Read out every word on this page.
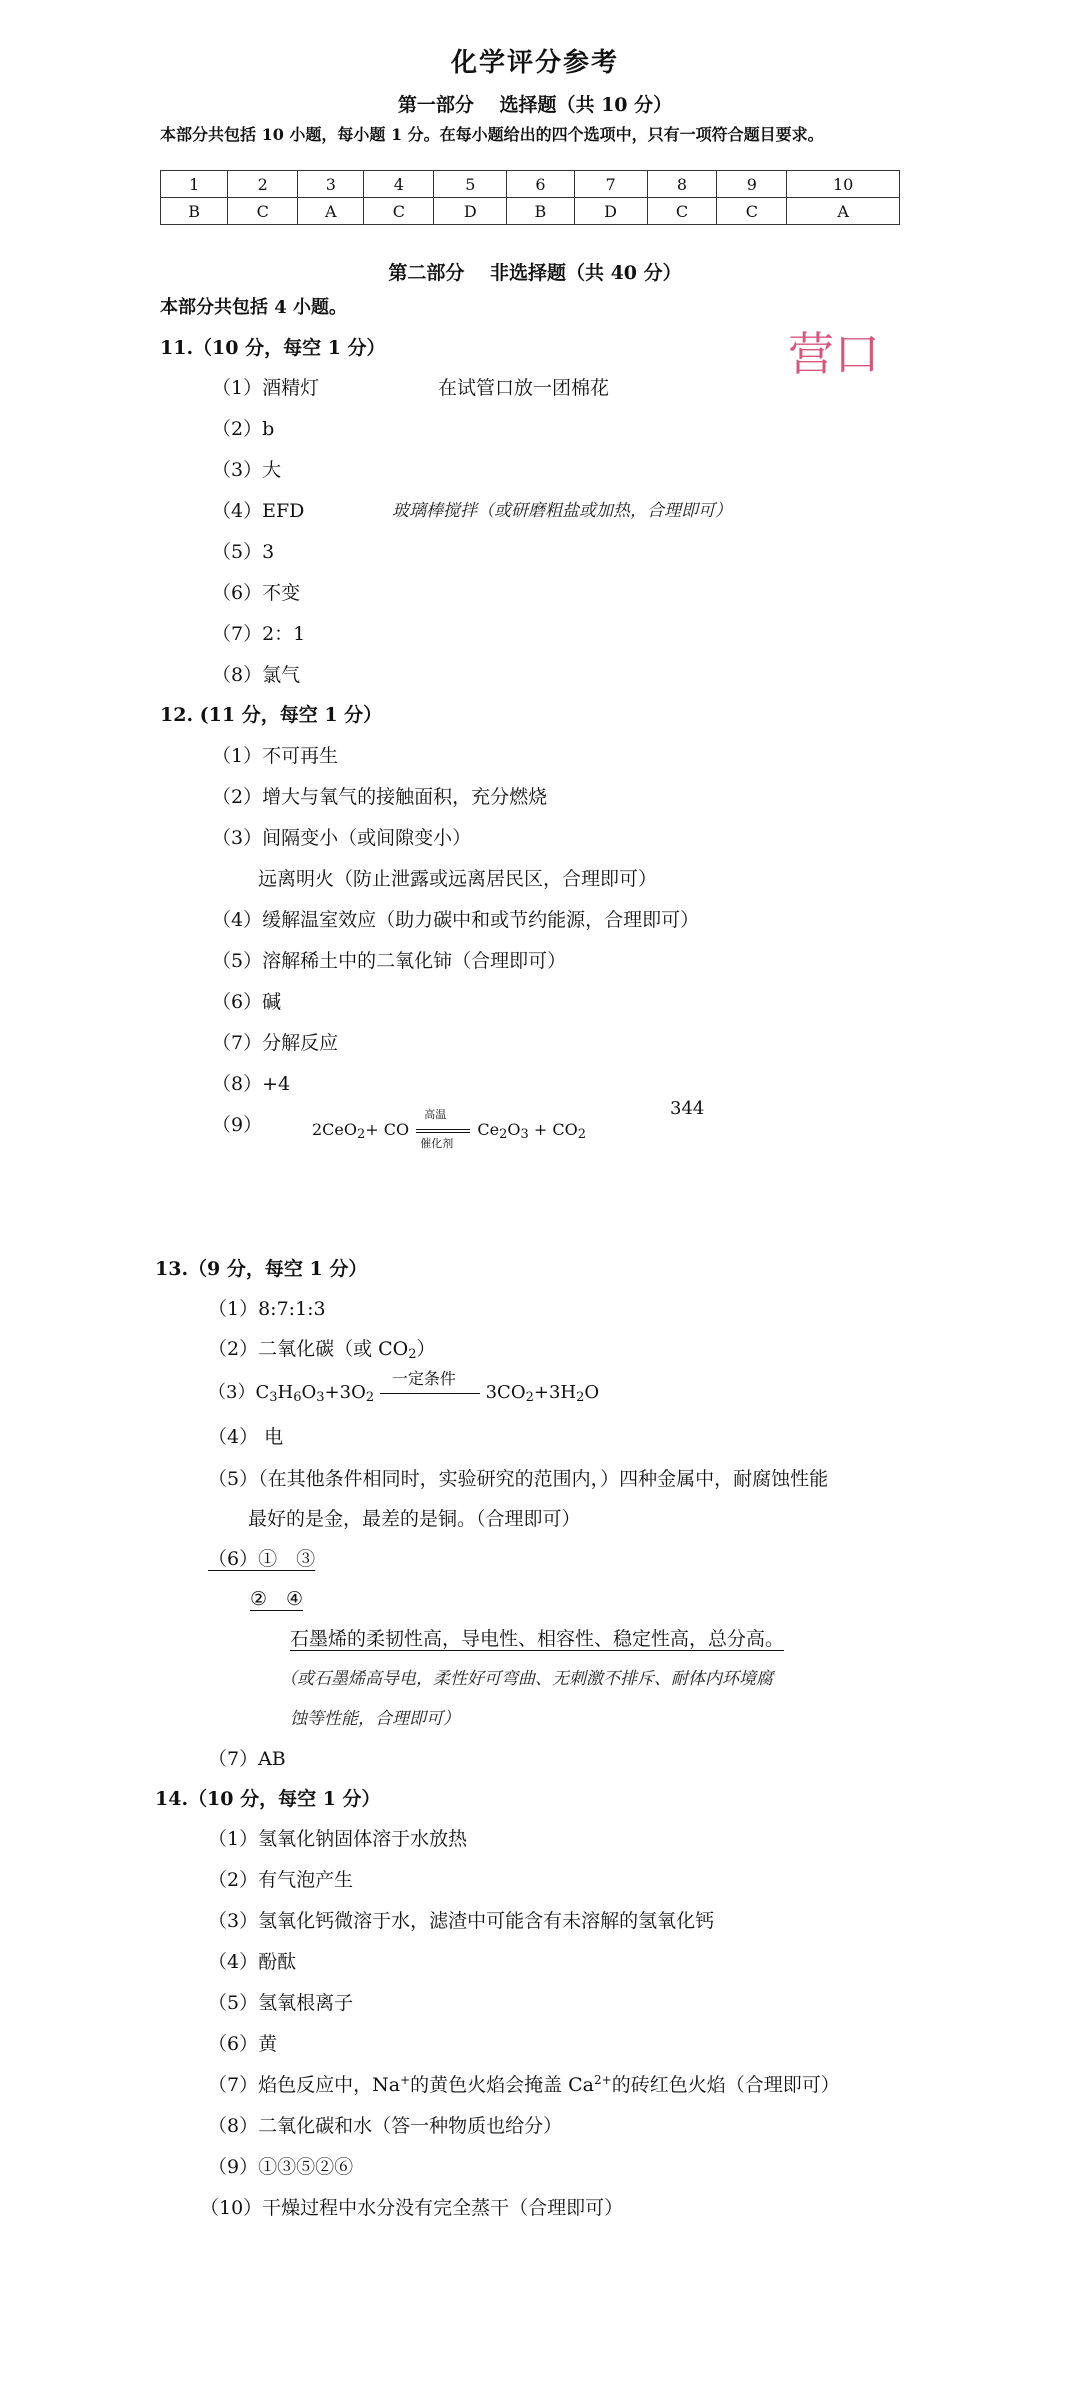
化学评分参考
第一部分　 选择题（共 10 分）
本部分共包括 10 小题，每小题 1 分。在每小题给出的四个选项中，只有一项符合题目要求。
1	2	3	4	5	6	7	8	9	10
B	C	A	C	D	B	D	C	C	A
第二部分　 非选择题（共 40 分）
本部分共包括 4 小题。
营口
11.（10 分，每空 1 分）
（1）酒精灯	在试管口放一团棉花
（2）b
（3）大
（4）EFD	玻璃棒搅拌（或研磨粗盐或加热，合理即可）
（5）3
（6）不变
（7）2：1
（8）氯气
12. (11 分，每空 1 分）
（1）不可再生
（2）增大与氧气的接触面积，充分燃烧
（3）间隔变小（或间隙变小）
远离明火（防止泄露或远离居民区，合理即可）
（4）缓解温室效应（助力碳中和或节约能源，合理即可）
（5）溶解稀土中的二氧化铈（合理即可）
（6）碱
（7）分解反应
（8）+4
（9）	2CeO$_2$+ CO
高温
催化剂
$Ce_2O_3 + CO_2$
344
13.（9 分，每空 1 分）
（1）8:7:1:3
（2）二氧化碳（或 $CO_2$）
$(3)C_3H_6O_3+3O_2$
一定条件
$3CO_2+3H_2O$
（4） 电
（5）（在其他条件相同时，实验研究的范围内，）四种金属中，耐腐蚀性能
最好的是金，最差的是铜。（合理即可）
（6）①　③
②　④
石墨烯的柔韧性高，导电性、相容性、稳定性高，总分高。
（或石墨烯高导电，柔性好可弯曲、无刺激不排斥、耐体内环境腐
蚀等性能，合理即可）
（7）AB
14.（10 分，每空 1 分）
（1）氢氧化钠固体溶于水放热
（2）有气泡产生
（3）氢氧化钙微溶于水，滤渣中可能含有未溶解的氢氧化钙
（4）酚酞
（5）氢氧根离子
（6）黄
（7）焰色反应中，Na+的黄色火焰会掩盖 $Ca^{2+}$的砖红色火焰（合理即可）
（8）二氧化碳和水（答一种物质也给分）
（9）①③⑤②⑥
（10）干燥过程中水分没有完全蒸干（合理即可）
